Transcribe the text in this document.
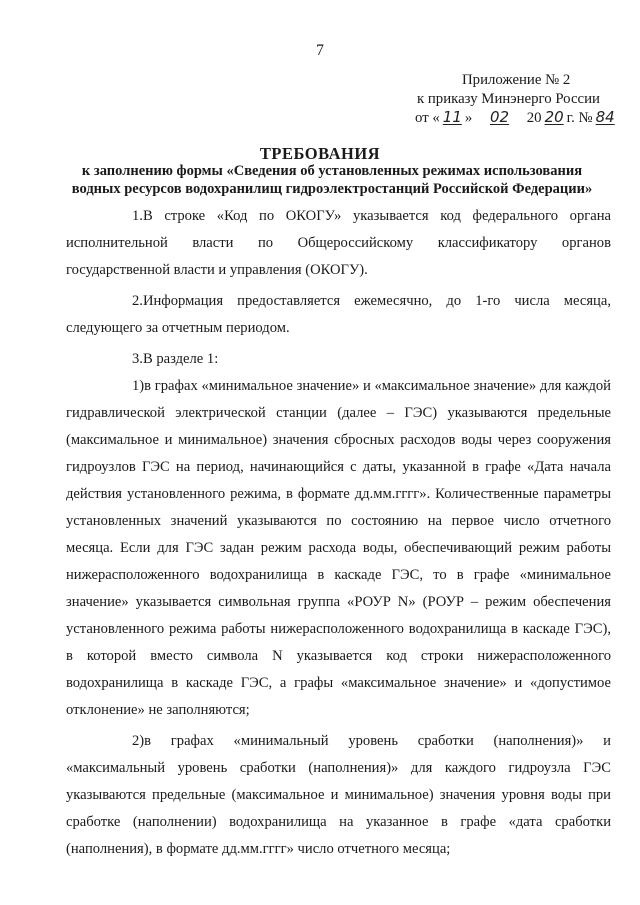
7
Приложение № 2
к приказу Минэнерго России
от « 11 » 02 20 20 г. № 84
ТРЕБОВАНИЯ
к заполнению формы «Сведения об установленных режимах использования водных ресурсов водохранилищ гидроэлектростанций Российской Федерации»

1.В строке «Код по ОКОГУ» указывается код федерального органа исполнительной власти по Общероссийскому классификатору органов государственной власти и управления (ОКОГУ).

2.Информация предоставляется ежемесячно, до 1-го числа месяца, следующего за отчетным периодом.

3.В разделе 1:

1)в графах «минимальное значение» и «максимальное значение» для каждой гидравлической электрической станции (далее – ГЭС) указываются предельные (максимальное и минимальное) значения сбросных расходов воды через сооружения гидроузлов ГЭС на период, начинающийся с даты, указанной в графе «Дата начала действия установленного режима, в формате дд.мм.гггг». Количественные параметры установленных значений указываются по состоянию на первое число отчетного месяца. Если для ГЭС задан режим расхода воды, обеспечивающий режим работы нижерасположенного водохранилища в каскаде ГЭС, то в графе «минимальное значение» указывается символьная группа «РОУР N» (РОУР – режим обеспечения установленного режима работы нижерасположенного водохранилища в каскаде ГЭС), в которой вместо символа N указывается код строки нижерасположенного водохранилища в каскаде ГЭС, а графы «максимальное значение» и «допустимое отклонение» не заполняются;

2)в графах «минимальный уровень сработки (наполнения)» и «максимальный уровень сработки (наполнения)» для каждого гидроузла ГЭС указываются предельные (максимальное и минимальное) значения уровня воды при сработке (наполнении) водохранилища на указанное в графе «дата сработки (наполнения), в формате дд.мм.гггг» число отчетного месяца;
